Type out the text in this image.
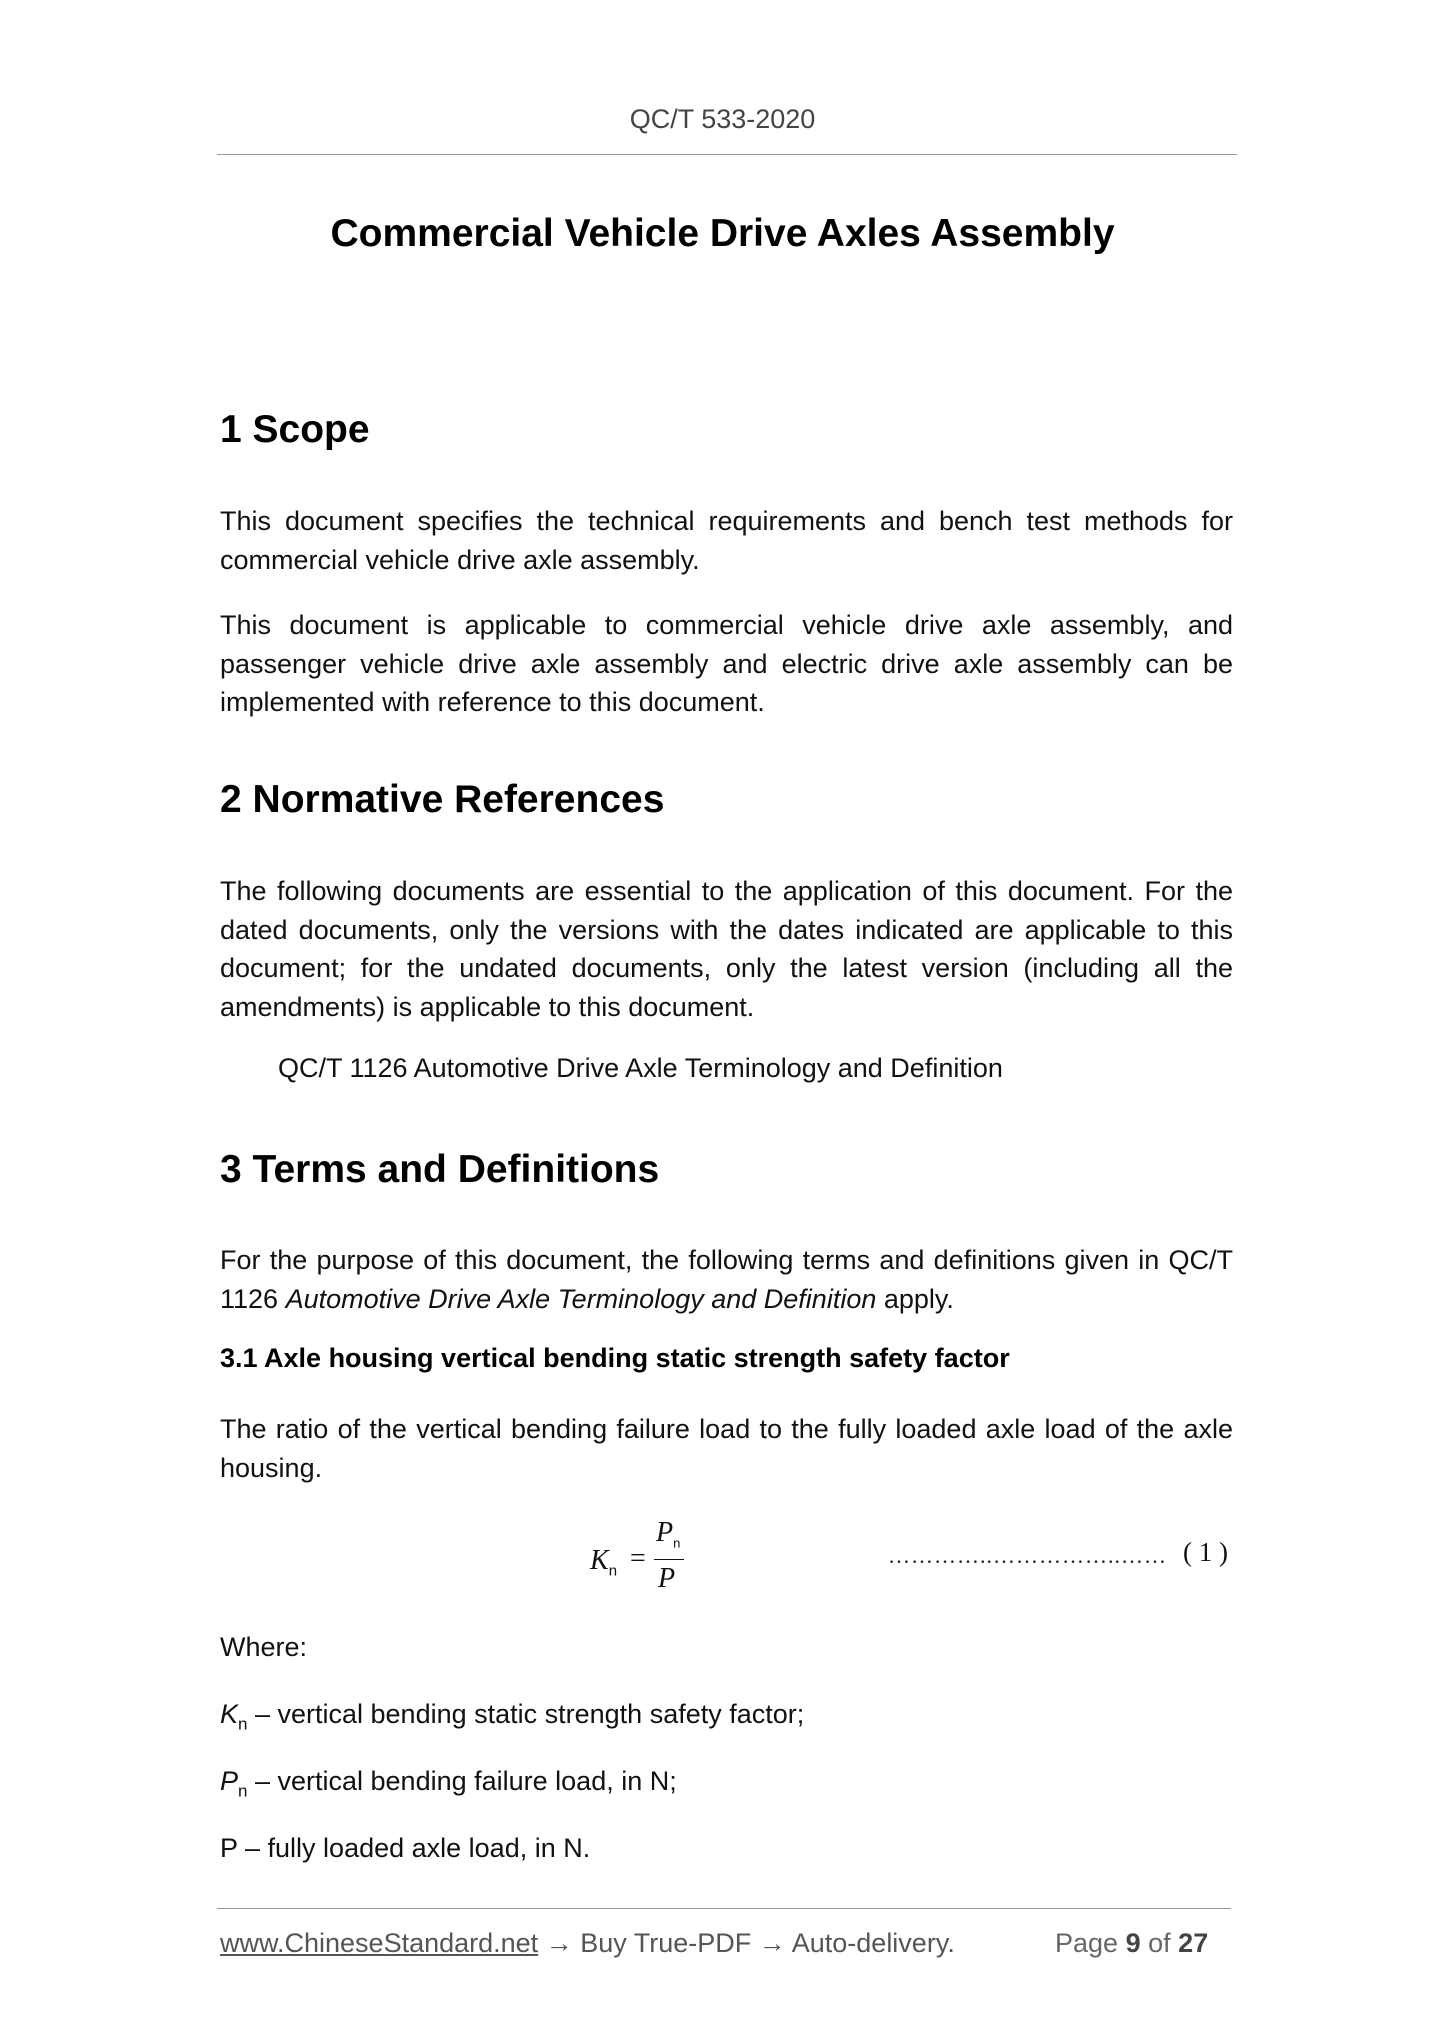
QC/T 533-2020
Commercial Vehicle Drive Axles Assembly
1 Scope
This document specifies the technical requirements and bench test methods for commercial vehicle drive axle assembly.
This document is applicable to commercial vehicle drive axle assembly, and passenger vehicle drive axle assembly and electric drive axle assembly can be implemented with reference to this document.
2 Normative References
The following documents are essential to the application of this document. For the dated documents, only the versions with the dates indicated are applicable to this document; for the undated documents, only the latest version (including all the amendments) is applicable to this document.
QC/T 1126 Automotive Drive Axle Terminology and Definition
3 Terms and Definitions
For the purpose of this document, the following terms and definitions given in QC/T 1126 Automotive Drive Axle Terminology and Definition apply.
3.1 Axle housing vertical bending static strength safety factor
The ratio of the vertical bending failure load to the fully loaded axle load of the axle housing.
$K_n$ =
$P_n$
P
…………..……………..…… ( 1 )
Where:
$K_n$ – vertical bending static strength safety factor;
$P_n$ – vertical bending failure load, in N;
P – fully loaded axle load, in N.
www.ChineseStandard.net → Buy True-PDF → Auto-delivery.	Page 9 of 27
